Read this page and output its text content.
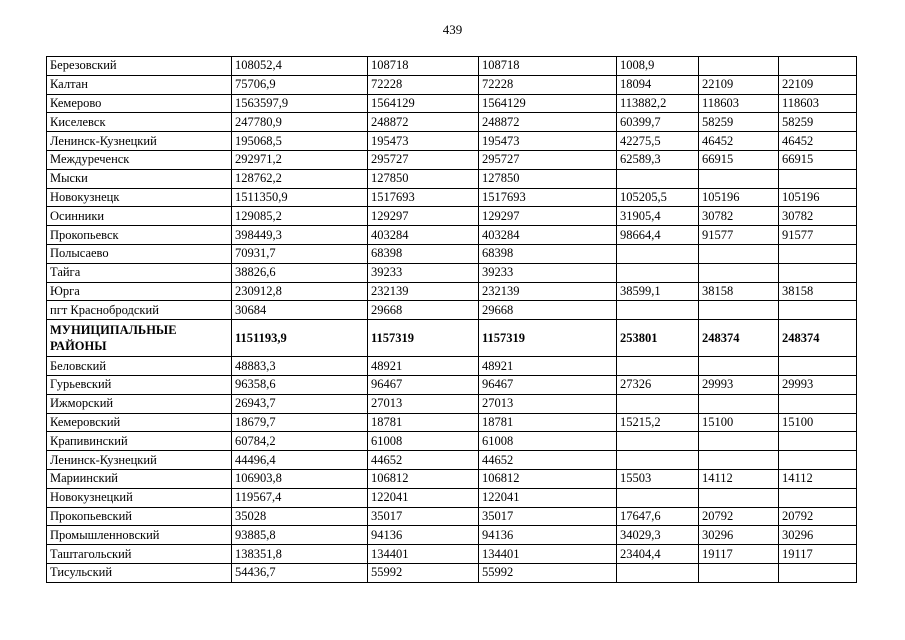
439
Березовский	108052,4	108718	108718	1008,9		
Калтан	75706,9	72228	72228	18094	22109	22109
Кемерово	1563597,9	1564129	1564129	113882,2	118603	118603
Киселевск	247780,9	248872	248872	60399,7	58259	58259
Ленинск-Кузнецкий	195068,5	195473	195473	42275,5	46452	46452
Междуреченск	292971,2	295727	295727	62589,3	66915	66915
Мыски	128762,2	127850	127850			
Новокузнецк	1511350,9	1517693	1517693	105205,5	105196	105196
Осинники	129085,2	129297	129297	31905,4	30782	30782
Прокопьевск	398449,3	403284	403284	98664,4	91577	91577
Полысаево	70931,7	68398	68398			
Тайга	38826,6	39233	39233			
Юрга	230912,8	232139	232139	38599,1	38158	38158
пгт Краснобродский	30684	29668	29668			
МУНИЦИПАЛЬНЫЕ РАЙОНЫ	1151193,9	1157319	1157319	253801	248374	248374
Беловский	48883,3	48921	48921			
Гурьевский	96358,6	96467	96467	27326	29993	29993
Ижморский	26943,7	27013	27013			
Кемеровский	18679,7	18781	18781	15215,2	15100	15100
Крапивинский	60784,2	61008	61008			
Ленинск-Кузнецкий	44496,4	44652	44652			
Мариинский	106903,8	106812	106812	15503	14112	14112
Новокузнецкий	119567,4	122041	122041			
Прокопьевский	35028	35017	35017	17647,6	20792	20792
Промышленновский	93885,8	94136	94136	34029,3	30296	30296
Таштагольский	138351,8	134401	134401	23404,4	19117	19117
Тисульский	54436,7	55992	55992			
